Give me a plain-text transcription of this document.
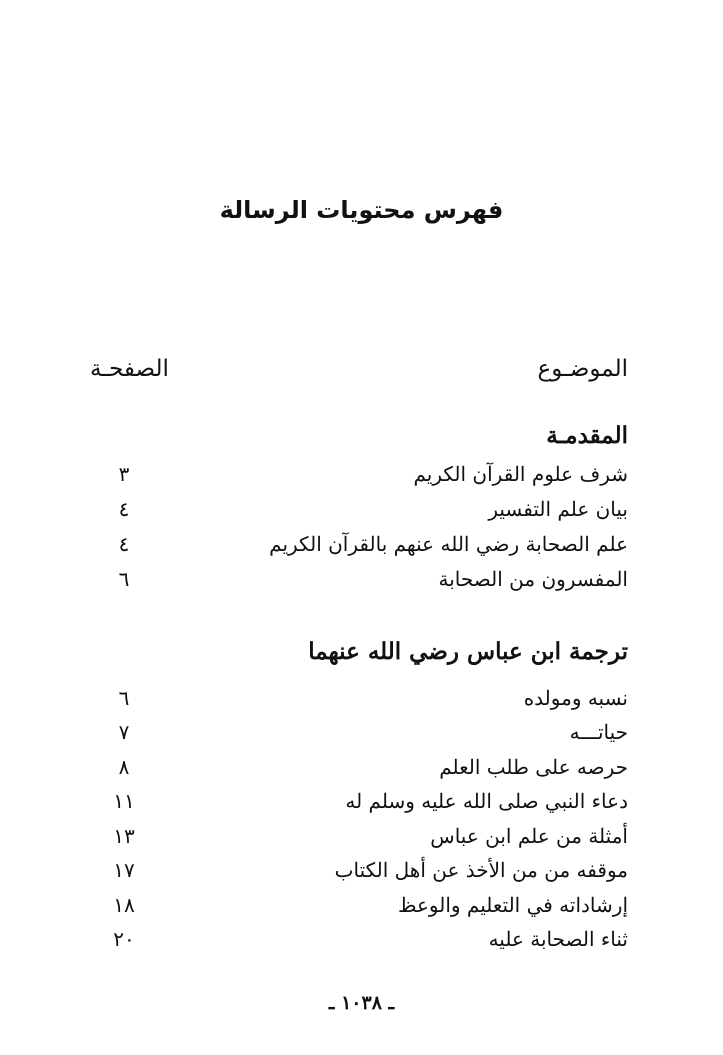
فهرس محتويات الرسالة
الموضـوع
الصفحـة
المقدمـة
شرف علوم القرآن الكريم
٣
بيان علم التفسير
٤
علم الصحابة رضي الله عنهم بالقرآن الكريم
٤
المفسرون من الصحابة
٦
ترجمة ابن عباس رضي الله عنهما
نسبه ومولده
٦
حياتـــه
٧
حرصه على طلب العلم
٨
دعاء النبي صلى الله عليه وسلم له
١١
أمثلة من علم ابن عباس
١٣
موقفه من من الأخذ عن أهل الكتاب
١٧
إرشاداته في التعليم والوعظ
١٨
ثناء الصحابة عليه
٢٠
ـ ١٠٣٨ ـ
